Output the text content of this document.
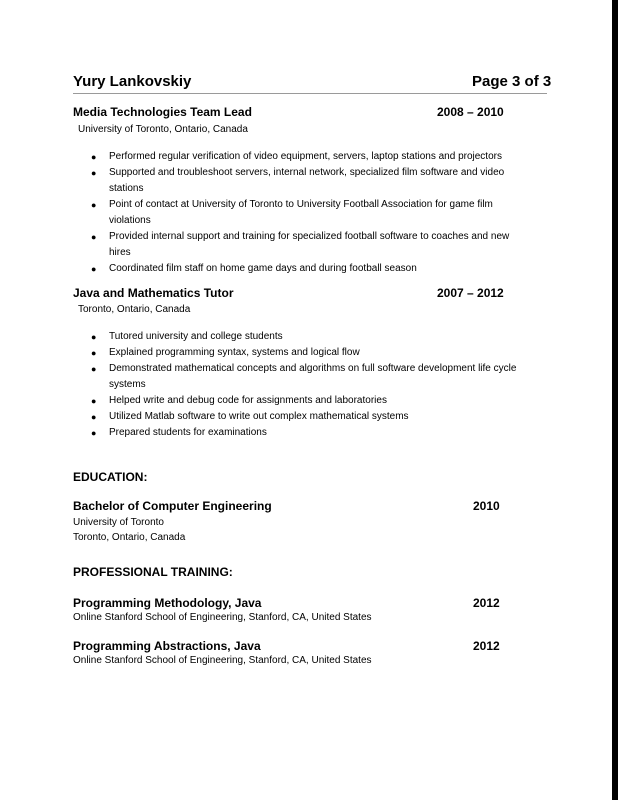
Yury Lankovskiy	Page 3 of 3
Media Technologies Team Lead	2008 – 2010
University of Toronto, Ontario, Canada
● Performed regular verification of video equipment, servers, laptop stations and projectors
● Supported and troubleshoot servers, internal network, specialized film software and video stations
● Point of contact at University of Toronto to University Football Association for game film violations
● Provided internal support and training for specialized football software to coaches and new hires
● Coordinated film staff on home game days and during football season
Java and Mathematics Tutor	2007 – 2012
Toronto, Ontario, Canada
● Tutored university and college students
● Explained programming syntax, systems and logical flow
● Demonstrated mathematical concepts and algorithms on full software development life cycle systems
● Helped write and debug code for assignments and laboratories
● Utilized Matlab software to write out complex mathematical systems
● Prepared students for examinations
EDUCATION:
Bachelor of Computer Engineering	2010
University of Toronto
Toronto, Ontario, Canada
PROFESSIONAL TRAINING:
Programming Methodology, Java	2012
Online Stanford School of Engineering, Stanford, CA, United States
Programming Abstractions, Java	2012
Online Stanford School of Engineering, Stanford, CA, United States
